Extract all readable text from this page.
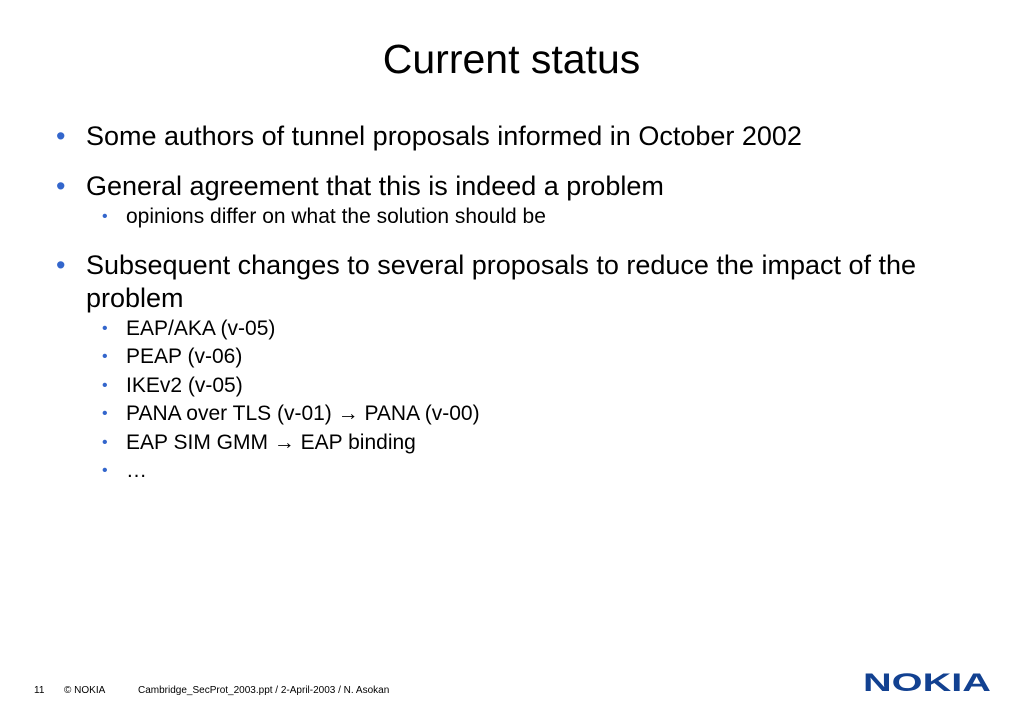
Current status
• Some authors of tunnel proposals informed in October 2002
• General agreement that this is indeed a problem
• opinions differ on what the solution should be
• Subsequent changes to several proposals to reduce the impact of the problem
• EAP/AKA (v-05)
• PEAP (v-06)
• IKEv2 (v-05)
• PANA over TLS (v-01) → PANA (v-00)
• EAP SIM GMM → EAP binding
• …
11 © NOKIA	Cambridge_SecProt_2003.ppt / 2-April-2003 / N. Asokan	NOKIA
